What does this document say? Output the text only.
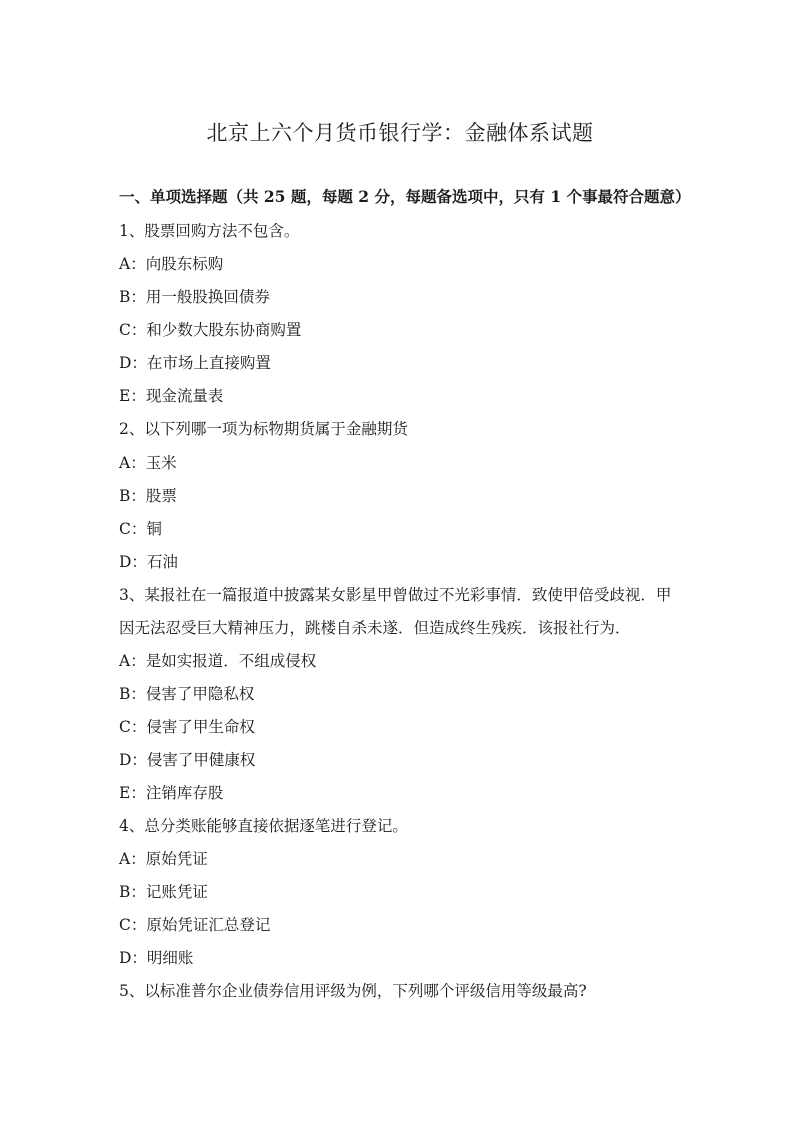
北京上六个月货币银行学：金融体系试题
一、单项选择题（共 25 题，每题 2 分，每题备选项中，只有 1 个事最符合题意）
1、股票回购方法不包含。
A：向股东标购
B：用一般股换回债券
C：和少数大股东协商购置
D：在市场上直接购置
E：现金流量表
2、以下列哪一项为标物期货属于金融期货
A：玉米
B：股票
C：铜
D：石油
3、某报社在一篇报道中披露某女影星甲曾做过不光彩事情．致使甲倍受歧视．甲
因无法忍受巨大精神压力，跳楼自杀未遂．但造成终生残疾．该报社行为．
A：是如实报道．不组成侵权
B：侵害了甲隐私权
C：侵害了甲生命权
D：侵害了甲健康权
E：注销库存股
4、总分类账能够直接依据逐笔进行登记。
A：原始凭证
B：记账凭证
C：原始凭证汇总登记
D：明细账
5、以标准普尔企业债券信用评级为例，下列哪个评级信用等级最高?
